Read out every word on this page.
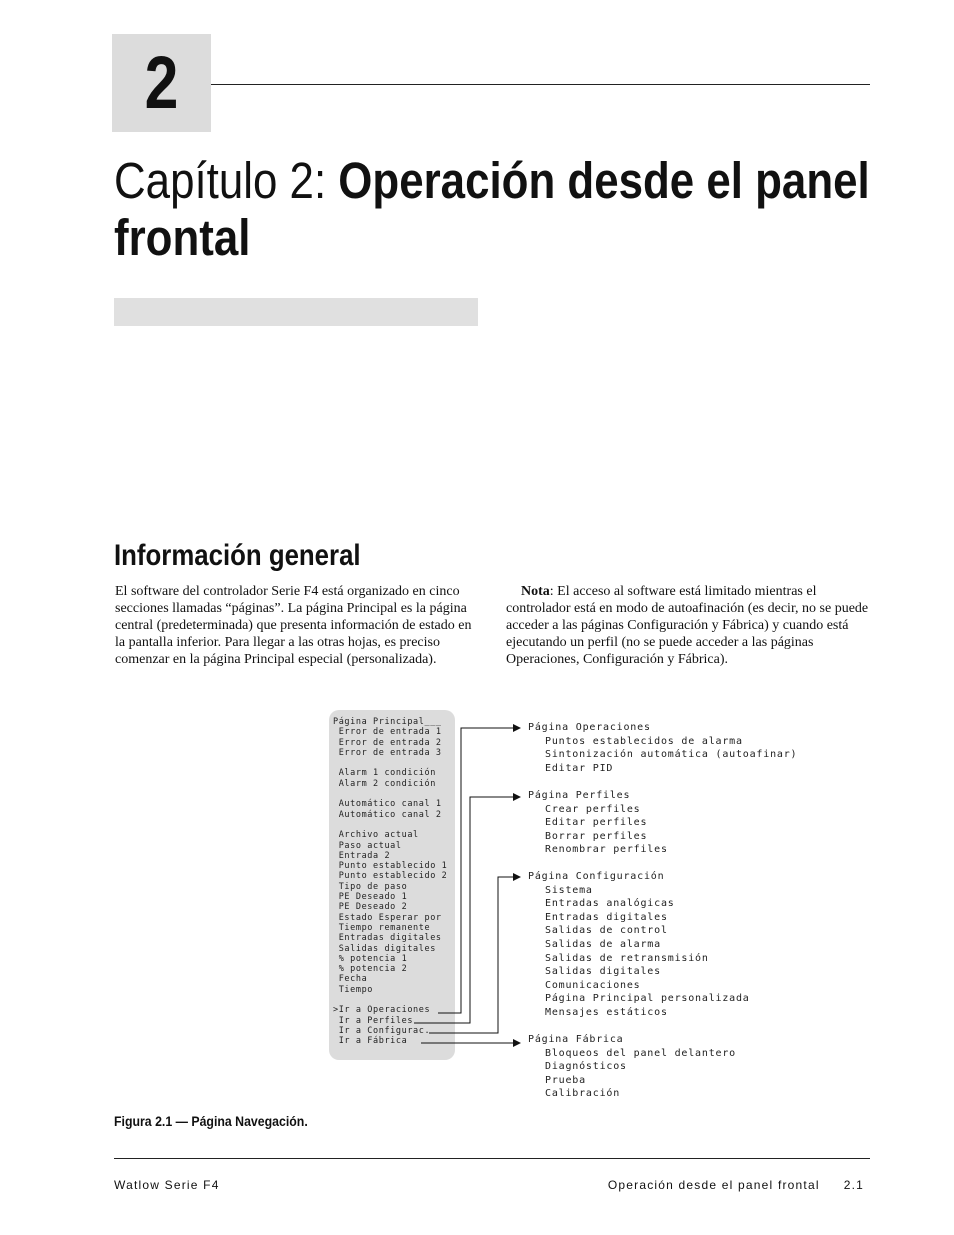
2
Capítulo 2: Operación desde el panel frontal
Información general
El software del controlador Serie F4 está organizado en cinco secciones llamadas “páginas”. La página Principal es la página central (predeterminada) que presenta información de estado en la pantalla inferior. Para llegar a las otras hojas, es preciso comenzar en la página Principal especial (personalizada).
Nota: El acceso al software está limitado mientras el controlador está en modo de autoafinación (es decir, no se puede acceder a las páginas Configuración y Fábrica) y cuando está ejecutando un perfil (no se puede acceder a las páginas Operaciones, Configuración y Fábrica).
Página Principal___
Error de entrada 1
Error de entrada 2
Error de entrada 3
Alarm 1 condición
Alarm 2 condición
Automático canal 1
Automático canal 2
Archivo actual
Paso actual
Entrada 2
Punto establecido 1
Punto establecido 2
Tipo de paso
PE Deseado 1
PE Deseado 2
Estado Esperar por
Tiempo remanente
Entradas digitales
Salidas digitales
% potencia 1
% potencia 2
Fecha
Tiempo
>Ir a Operaciones
Ir a Perfiles
Ir a Configurac.
Ir a Fábrica
Página Operaciones
Puntos establecidos de alarma
Sintonización automática (autoafinar)
Editar PID
Página Perfiles
Crear perfiles
Editar perfiles
Borrar perfiles
Renombrar perfiles
Página Configuración
Sistema
Entradas analógicas
Entradas digitales
Salidas de control
Salidas de alarma
Salidas de retransmisión
Salidas digitales
Comunicaciones
Página Principal personalizada
Mensajes estáticos
Página Fábrica
Bloqueos del panel delantero
Diagnósticos
Prueba
Calibración
Figura 2.1 — Página Navegación.
Watlow Serie F4	Operación desde el panel frontal 2.1
